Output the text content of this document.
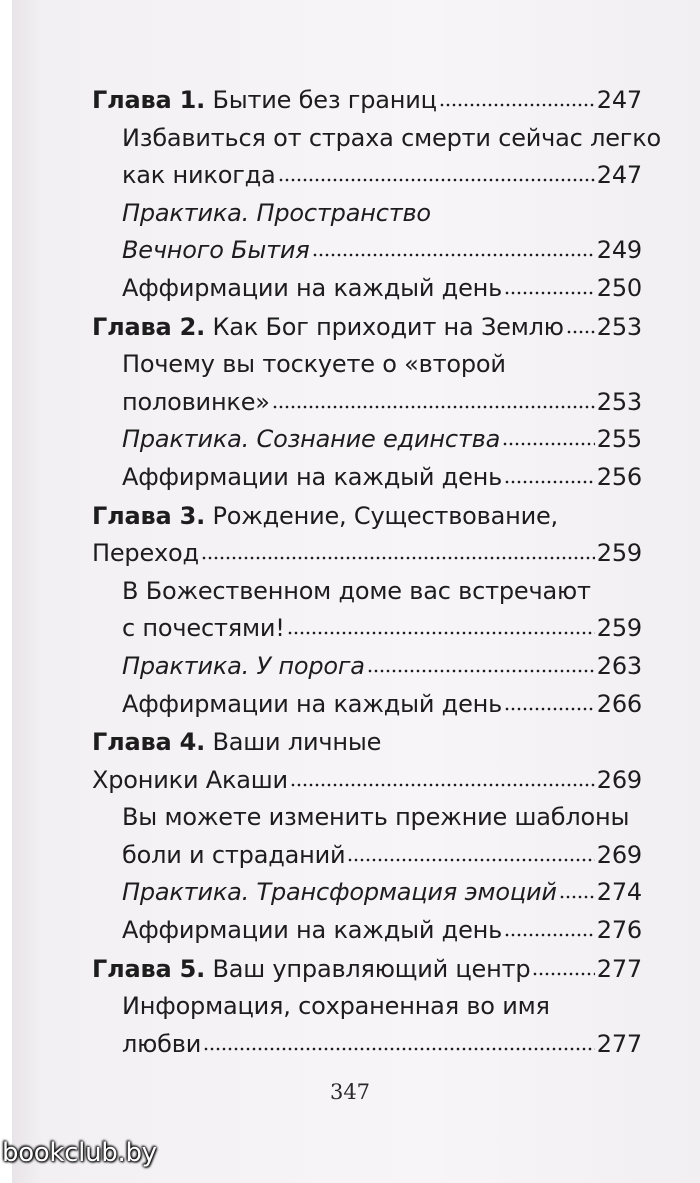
Глава 1. Бытие без границ	247
Избавиться от страха смерти сейчас легко
как никогда	247
Практика. Пространство
Вечного Бытия	249
Аффирмации на каждый день	250
Глава 2. Как Бог приходит на Землю 253
Почему вы тоскуете о «второй
половинке»	253
Практика. Сознание единства	255
Аффирмации на каждый день	256
Глава 3. Рождение, Существование,
Переход	259
В Божественном доме вас встречают
с почестями!	259
Практика. У порога	263
Аффирмации на каждый день	266
Глава 4. Ваши личные
Хроники Акаши	269
Вы можете изменить прежние шаблоны
боли и страданий	269
Практика. Трансформация эмоций 274
Аффирмации на каждый день	276
Глава 5. Ваш управляющий центр	277
Информация, сохраненная во имя
любви	277
347
bookclub.by
